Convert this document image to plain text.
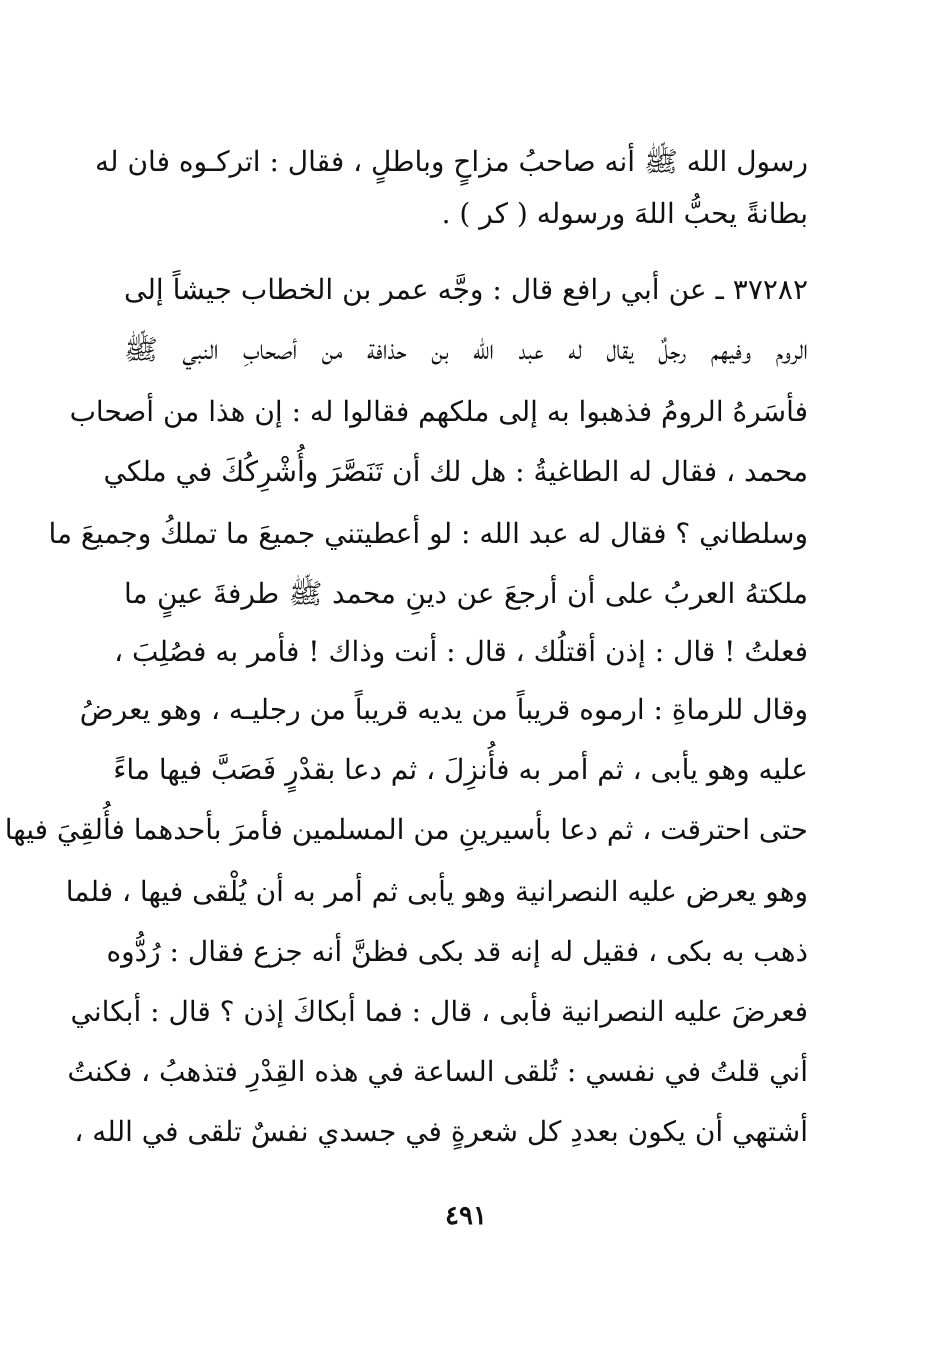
رسول الله ﷺ أنه صاحبُ مزاحٍ وباطلٍ ، فقال : اتركـوه فان له
بطانةً يحبُّ اللهَ ورسوله ( كر ) .
٣٧٢٨٢ ـ عن أبي رافع قال : وجَّه عمر بن الخطاب جيشاً إلى
الروم وفيهم رجلٌ يقال له عبد الله بن حذافة من أصحابِ النبي ﷺ
فأسَرهُ الرومُ فذهبوا به إلى ملكهم فقالوا له : إن هذا من أصحاب
محمد ، فقال له الطاغيةُ : هل لك أن تَنَصَّرَ وأُشْرِكُكَ في ملكي
وسلطاني ؟ فقال له عبد الله : لو أعطيتني جميعَ ما تملكُ وجميعَ ما
ملكتهُ العربُ على أن أرجعَ عن دينِ محمد ﷺ طرفةَ عينٍ ما
فعلتُ ! قال : إذن أقتلُك ، قال : أنت وذاك ! فأمر به فصُلِبَ ،
وقال للرماةِ : ارموه قريباً من يديه قريباً من رجليـه ، وهو يعرضُ
عليه وهو يأبى ، ثم أمر به فأُنزِلَ ، ثم دعا بقدْرٍ فَصَبَّ فيها ماءً
حتى احترقت ، ثم دعا بأسيرينِ من المسلمين فأمرَ بأحدهما فأُلقِيَ فيها
وهو يعرض عليه النصرانية وهو يأبى ثم أمر به أن يُلْقى فيها ، فلما
ذهب به بكى ، فقيل له إنه قد بكى فظنَّ أنه جزع فقال : رُدُّوه
فعرضَ عليه النصرانية فأبى ، قال : فما أبكاكَ إذن ؟ قال : أبكاني
أني قلتُ في نفسي : تُلقى الساعة في هذه القِدْرِ فتذهبُ ، فكنتُ
أشتهي أن يكون بعددِ كل شعرةٍ في جسدي نفسٌ تلقى في الله ،
٤٩١
